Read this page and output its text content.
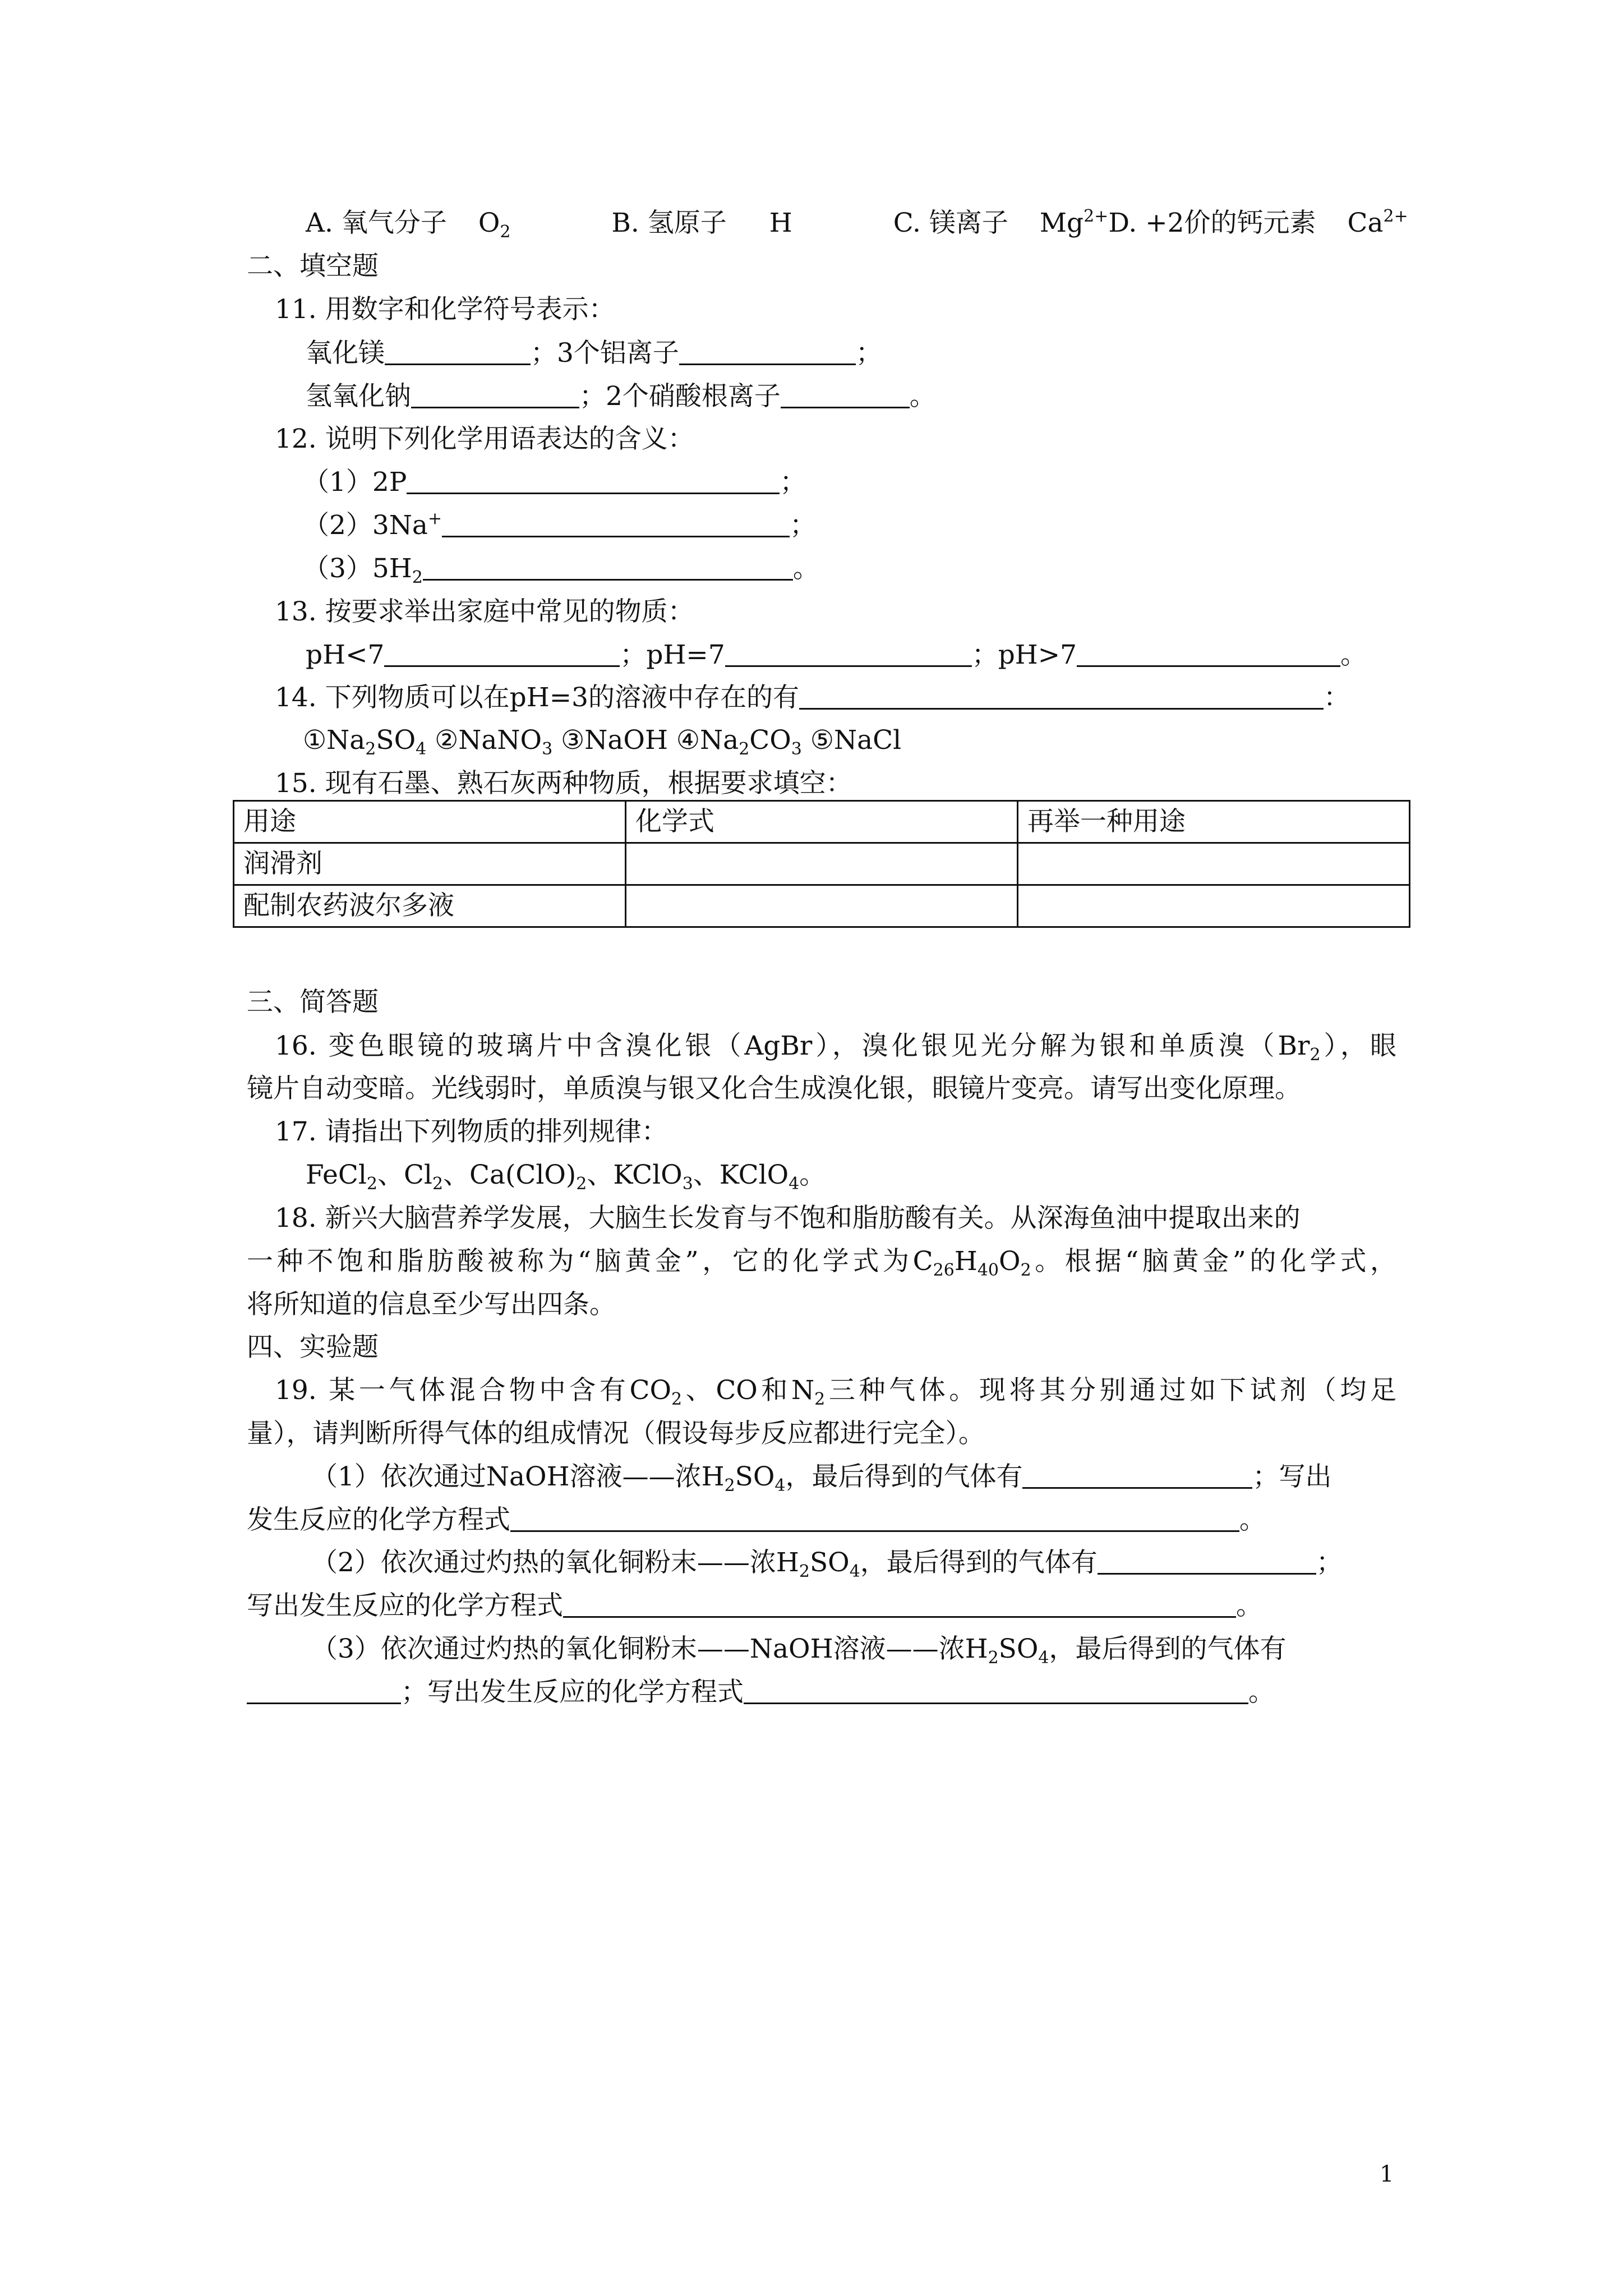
A. 氧气分子 $O_2$	B. 氢原子 H	C. 镁离子 $Mg^{2+}D$. +2价的钙元素 $Ca^{2+}$
二、填空题
11. 用数字和化学符号表示：
氧化镁	；3个铝离子	；
氢氧化钠	；2个硝酸根离子	。
12. 说明下列化学用语表达的含义：
（1）2P	；
（2）3Na+	；
$(3)5H_2$	。
13. 按要求举出家庭中常见的物质：
pH<7	；pH=7	；pH>7	。
14. 下列物质可以在pH=3的溶液中存在的有	：
$①Na_2SO_4$ ②NaNO$_3$ ③NaOH $④Na_2CO_3$ ⑤NaCl
15. 现有石墨、熟石灰两种物质，根据要求填空：
用途	化学式	再举一种用途
润滑剂		
配制农药波尔多液		
三、简答题
16. 变色眼镜的玻璃片中含溴化银（AgBr），溴化银见光分解为银和单质溴$(Br_2)$，眼
镜片自动变暗。光线弱时，单质溴与银又化合生成溴化银，眼镜片变亮。请写出变化原理。
17. 请指出下列物质的排列规律：
FeCl$_2$、$Cl_2$、$Ca(ClO)_2$、KClO$_3$、KClO$_4$。
18. 新兴大脑营养学发展，大脑生长发育与不饱和脂肪酸有关。从深海鱼油中提取出来的
一种不饱和脂肪酸被称为“脑黄金”，它的化学式为$C_{26}H_{40}O_2$。根据“脑黄金”的化学式，
将所知道的信息至少写出四条。
四、实验题
19. 某一气体混合物中含有$CO_2$、CO和$N_2$三种气体。现将其分别通过如下试剂（均足
量），请判断所得气体的组成情况（假设每步反应都进行完全）。
（1）依次通过NaOH溶液——浓$H_2SO_4$，最后得到的气体有	；写出
发生反应的化学方程式	。
（2）依次通过灼热的氧化铜粉末——浓$H_2SO_4$，最后得到的气体有	；
写出发生反应的化学方程式	。
（3）依次通过灼热的氧化铜粉末——NaOH溶液——浓$H_2SO_4$，最后得到的气体有
；写出发生反应的化学方程式	。
1
